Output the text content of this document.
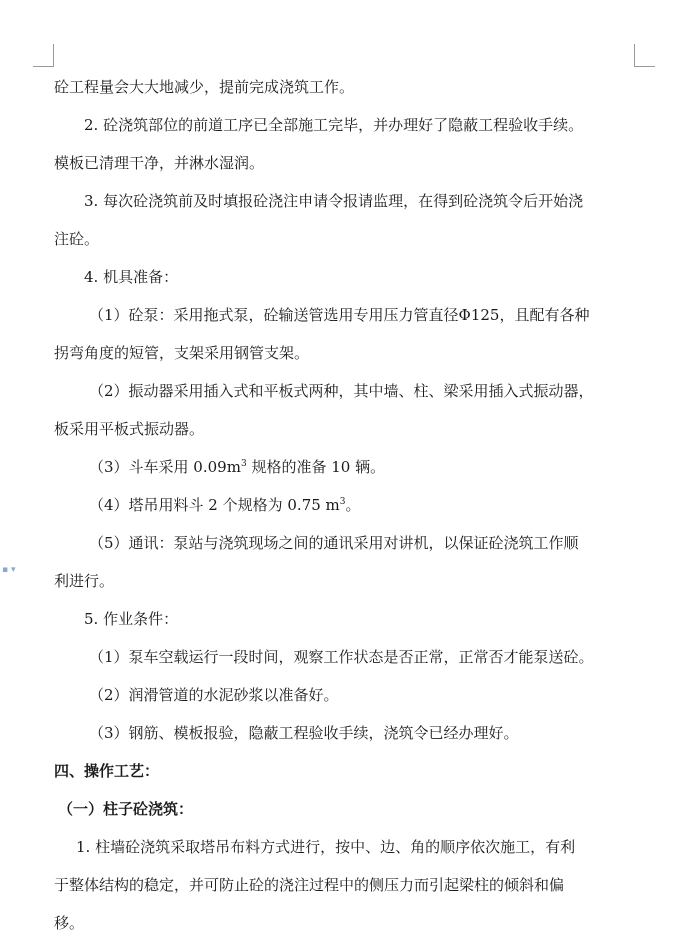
▪ ▾

砼工程量会大大地减少，提前完成浇筑工作。

2. 砼浇筑部位的前道工序已全部施工完毕，并办理好了隐蔽工程验收手续。

模板已清理干净，并淋水湿润。

3. 每次砼浇筑前及时填报砼浇注申请令报请监理，在得到砼浇筑令后开始浇

注砼。

4. 机具准备：

（1）砼泵：采用拖式泵，砼输送管选用专用压力管直径Φ125，且配有各种

拐弯角度的短管，支架采用钢管支架。

（2）振动器采用插入式和平板式两种，其中墙、柱、梁采用插入式振动器，

板采用平板式振动器。

（3）斗车采用 $0.09m^3$ 规格的准备 10 辆。

（4）塔吊用料斗 2 个规格为 0.75 $m^3$。

（5）通讯：泵站与浇筑现场之间的通讯采用对讲机，以保证砼浇筑工作顺

利进行。

5. 作业条件：

（1）泵车空载运行一段时间，观察工作状态是否正常，正常否才能泵送砼。

（2）润滑管道的水泥砂浆以准备好。

（3）钢筋、模板报验，隐蔽工程验收手续，浇筑令已经办理好。

四、操作工艺：

（一）柱子砼浇筑：

1. 柱墙砼浇筑采取塔吊布料方式进行，按中、边、角的顺序依次施工，有利

于整体结构的稳定，并可防止砼的浇注过程中的侧压力而引起梁柱的倾斜和偏

移。
